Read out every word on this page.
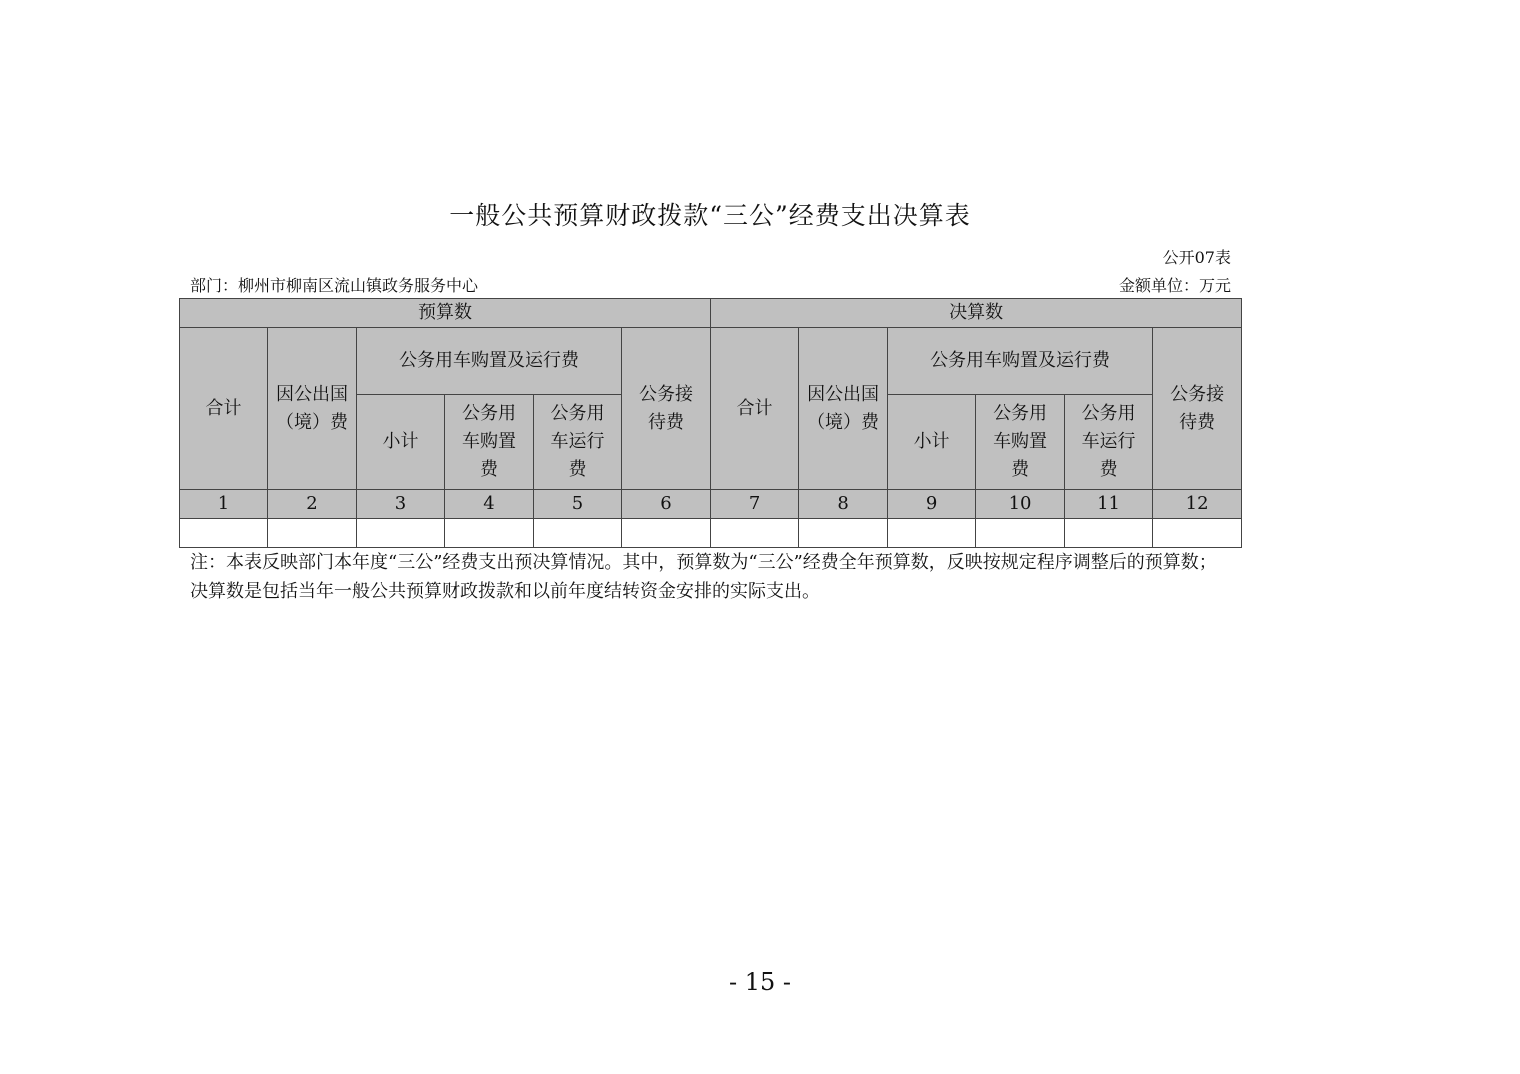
一般公共预算财政拨款“三公”经费支出决算表
公开07表
部门：柳州市柳南区流山镇政务服务中心	金额单位：万元
预算数						决算数					
合计	因公出国（境）费	公务用车购置及运行费			公务接待费	合计	因公出国（境）费	公务用车购置及运行费			公务接待费
		小计	公务用车购置费	公务用车运行费				小计	公务用车购置费	公务用车运行费	
1	2	3	4	5	6	7	8	9	10	11	12

注：本表反映部门本年度“三公”经费支出预决算情况。其中，预算数为“三公”经费全年预算数，反映按规定程序调整后的预算数；决算数是包括当年一般公共预算财政拨款和以前年度结转资金安排的实际支出。
- 15 -
